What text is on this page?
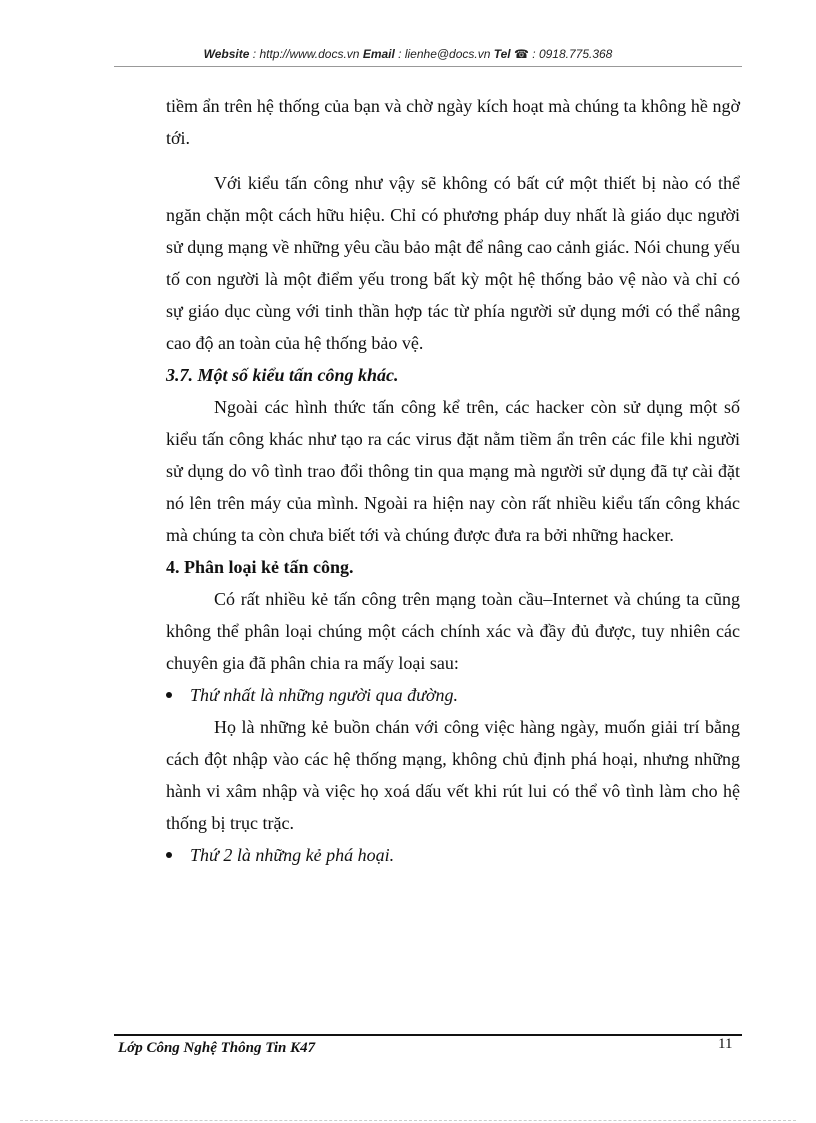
Website : http://www.docs.vn Email : lienhe@docs.vn Tel ☎ : 0918.775.368

tiềm ẩn trên hệ thống của bạn và chờ ngày kích hoạt mà chúng ta không hề ngờ tới.

Với kiểu tấn công như vậy sẽ không có bất cứ một thiết bị nào có thể ngăn chặn một cách hữu hiệu. Chỉ có phương pháp duy nhất là giáo dục người sử dụng mạng về những yêu cầu bảo mật để nâng cao cảnh giác. Nói chung yếu tố con người là một điểm yếu trong bất kỳ một hệ thống bảo vệ nào và chỉ có sự giáo dục cùng với tinh thần hợp tác từ phía người sử dụng mới có thể nâng cao độ an toàn của hệ thống bảo vệ.

3.7. Một số kiểu tấn công khác.

Ngoài các hình thức tấn công kể trên, các hacker còn sử dụng một số kiểu tấn công khác như tạo ra các virus đặt nằm tiềm ẩn trên các file khi người sử dụng do vô tình trao đổi thông tin qua mạng mà người sử dụng đã tự cài đặt nó lên trên máy của mình. Ngoài ra hiện nay còn rất nhiều kiểu tấn công khác mà chúng ta còn chưa biết tới và chúng được đưa ra bởi những hacker.

4. Phân loại kẻ tấn công.

Có rất nhiều kẻ tấn công trên mạng toàn cầu–Internet và chúng ta cũng không thể phân loại chúng một cách chính xác và đầy đủ được, tuy nhiên các chuyên gia đã phân chia ra mấy loại sau:

Thứ nhất là những người qua đường.

Họ là những kẻ buồn chán với công việc hàng ngày, muốn giải trí bằng cách đột nhập vào các hệ thống mạng, không chủ định phá hoại, nhưng những hành vi xâm nhập và việc họ xoá dấu vết khi rút lui có thể vô tình làm cho hệ thống bị trục trặc.

Thứ 2 là những kẻ phá hoại.
Lớp Công Nghệ Thông Tin K47	11
